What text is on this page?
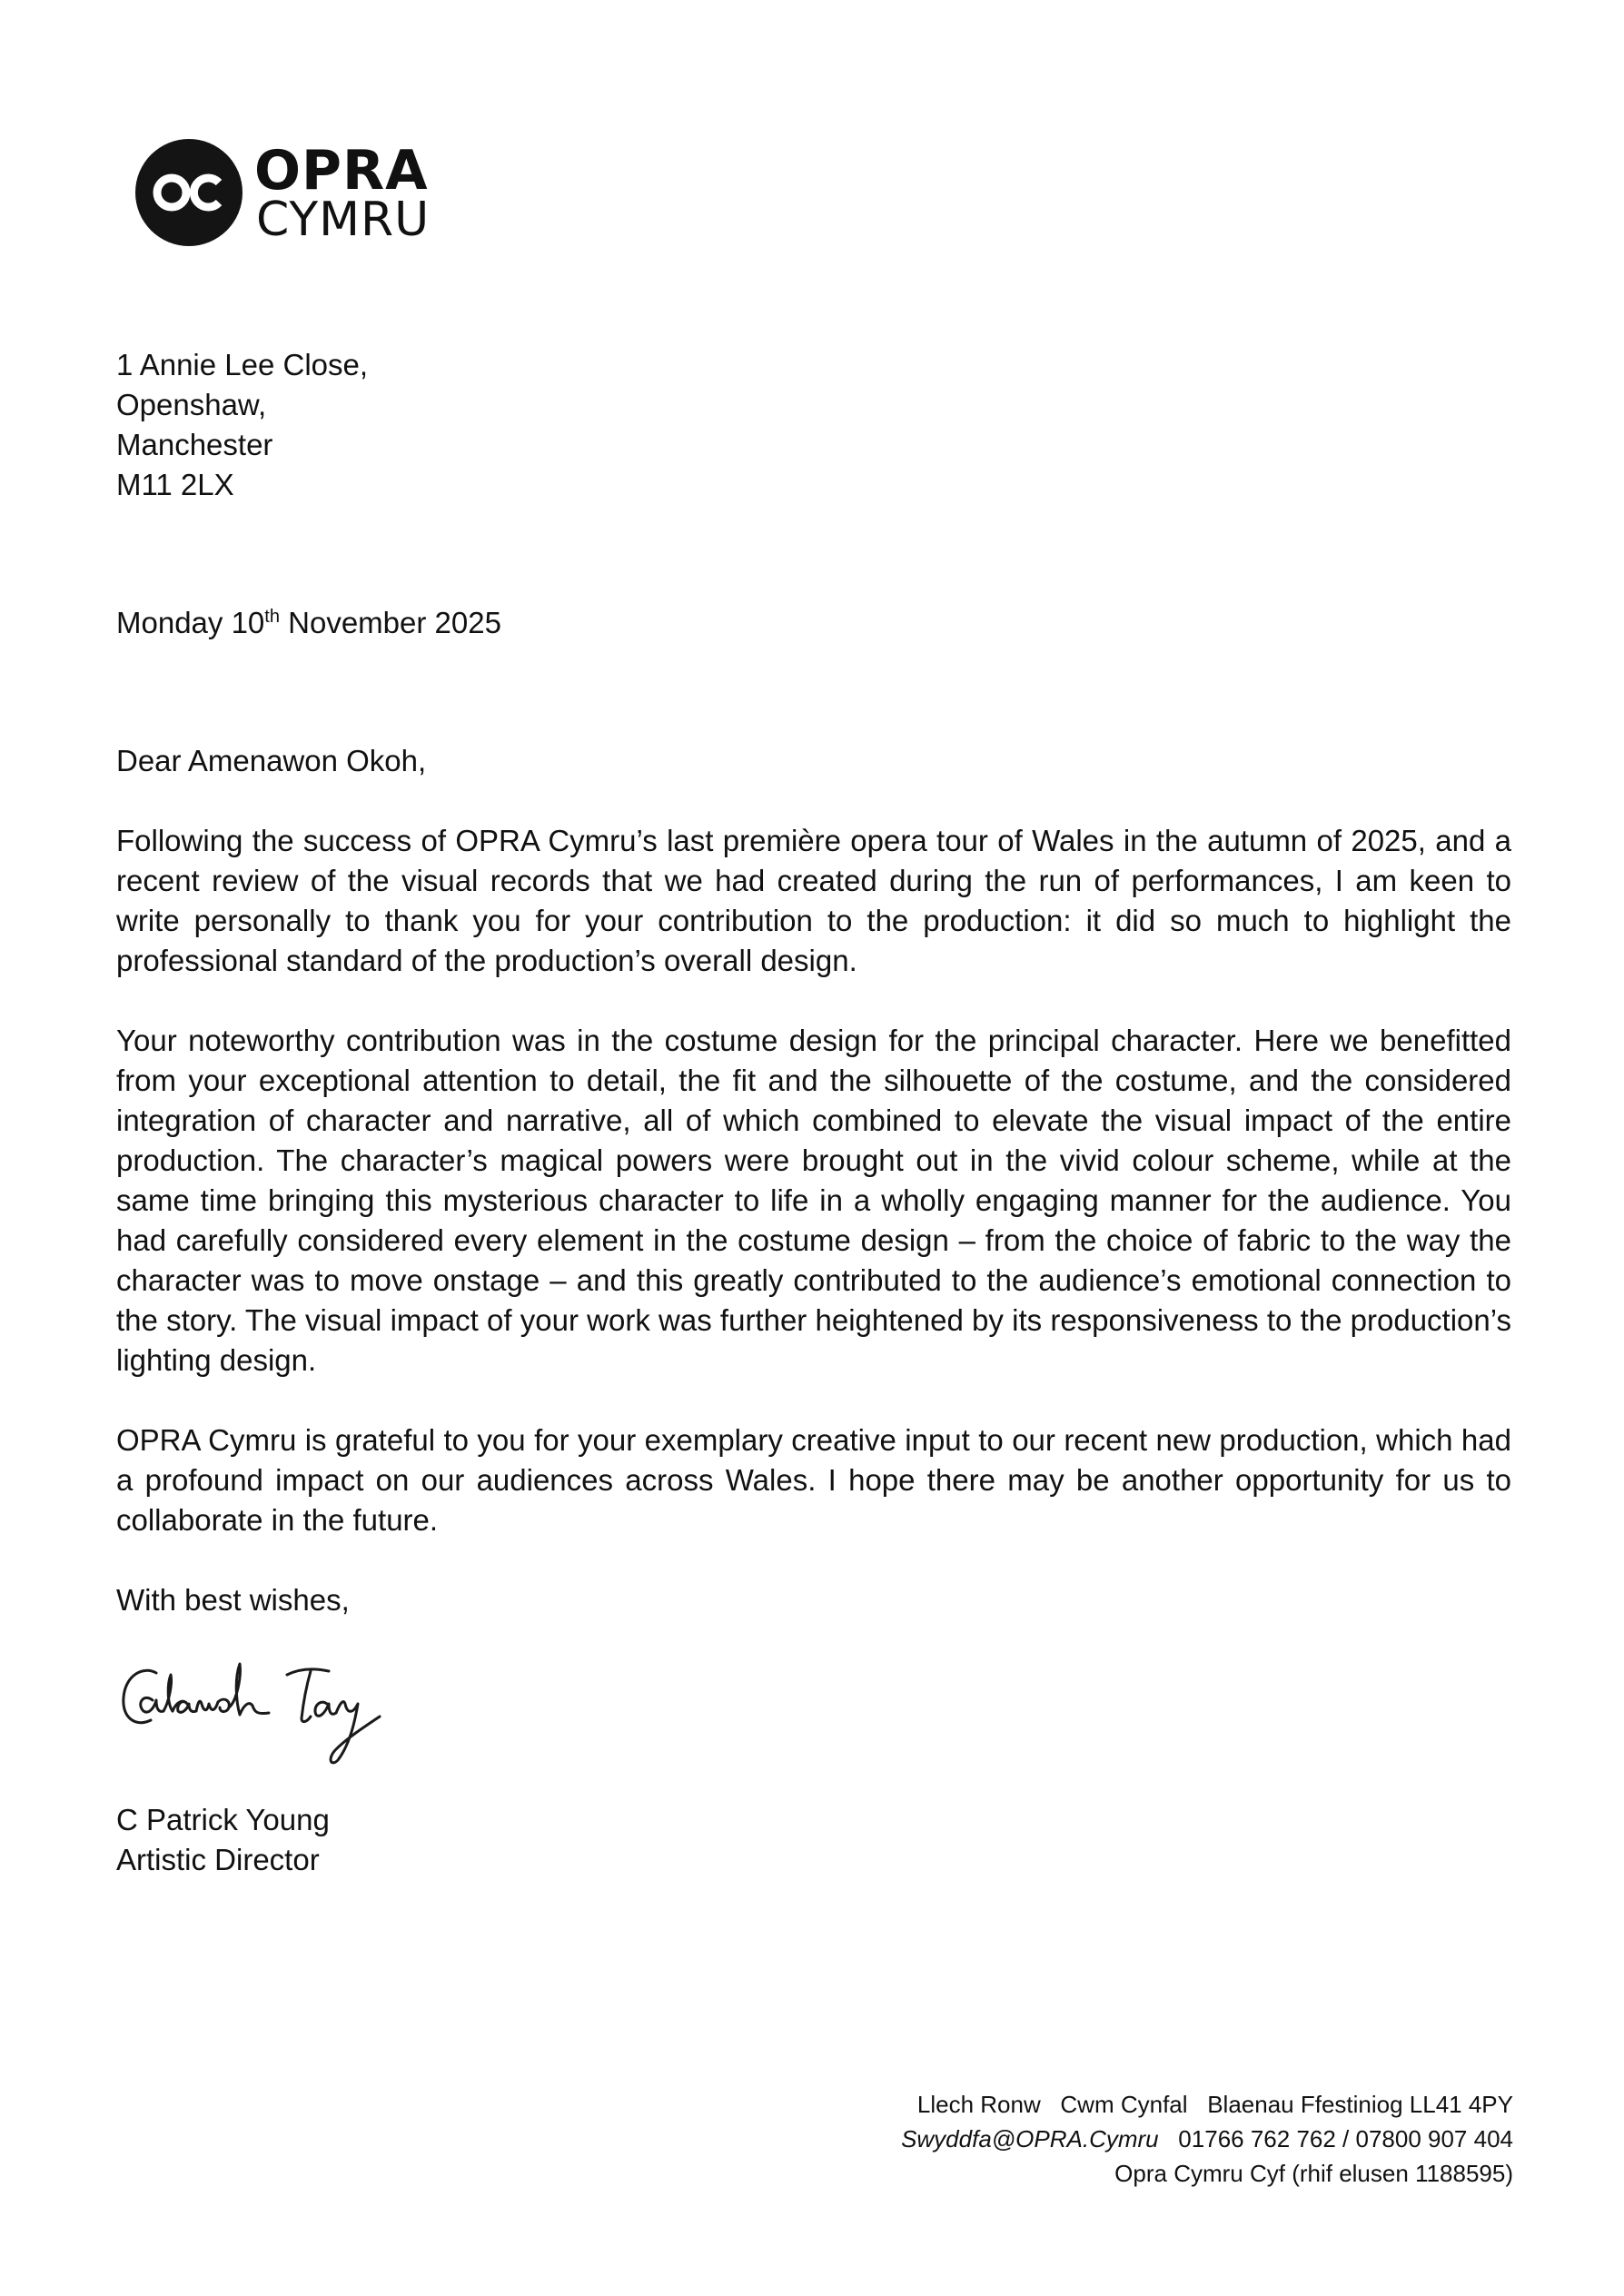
OPRA
CYMRU
1 Annie Lee Close,
Openshaw,
Manchester
M11 2LX
Monday 10th November 2025
Dear Amenawon Okoh,

Following the success of OPRA Cymru’s last première opera tour of Wales in the autumn of 2025, and a recent review of the visual records that we had created during the run of performances, I am keen to write personally to thank you for your contribution to the production: it did so much to highlight the professional standard of the production’s overall design.

Your noteworthy contribution was in the costume design for the principal character. Here we benefitted from your exceptional attention to detail, the fit and the silhouette of the costume, and the considered integration of character and narrative, all of which combined to elevate the visual impact of the entire production. The character’s magical powers were brought out in the vivid colour scheme, while at the same time bringing this mysterious character to life in a wholly engaging manner for the audience. You had carefully considered every element in the costume design – from the choice of fabric to the way the character was to move onstage – and this greatly contributed to the audience’s emotional connection to the story. The visual impact of your work was further heightened by its responsiveness to the production’s lighting design.

OPRA Cymru is grateful to you for your exemplary creative input to our recent new production, which had a profound impact on our audiences across Wales. I hope there may be another opportunity for us to collaborate in the future.

With best wishes,
C Patrick Young
Artistic Director
Llech Ronw   Cwm Cynfal   Blaenau Ffestiniog LL41 4PY
Swyddfa@OPRA.Cymru   01766 762 762 / 07800 907 404
Opra Cymru Cyf (rhif elusen 1188595)
